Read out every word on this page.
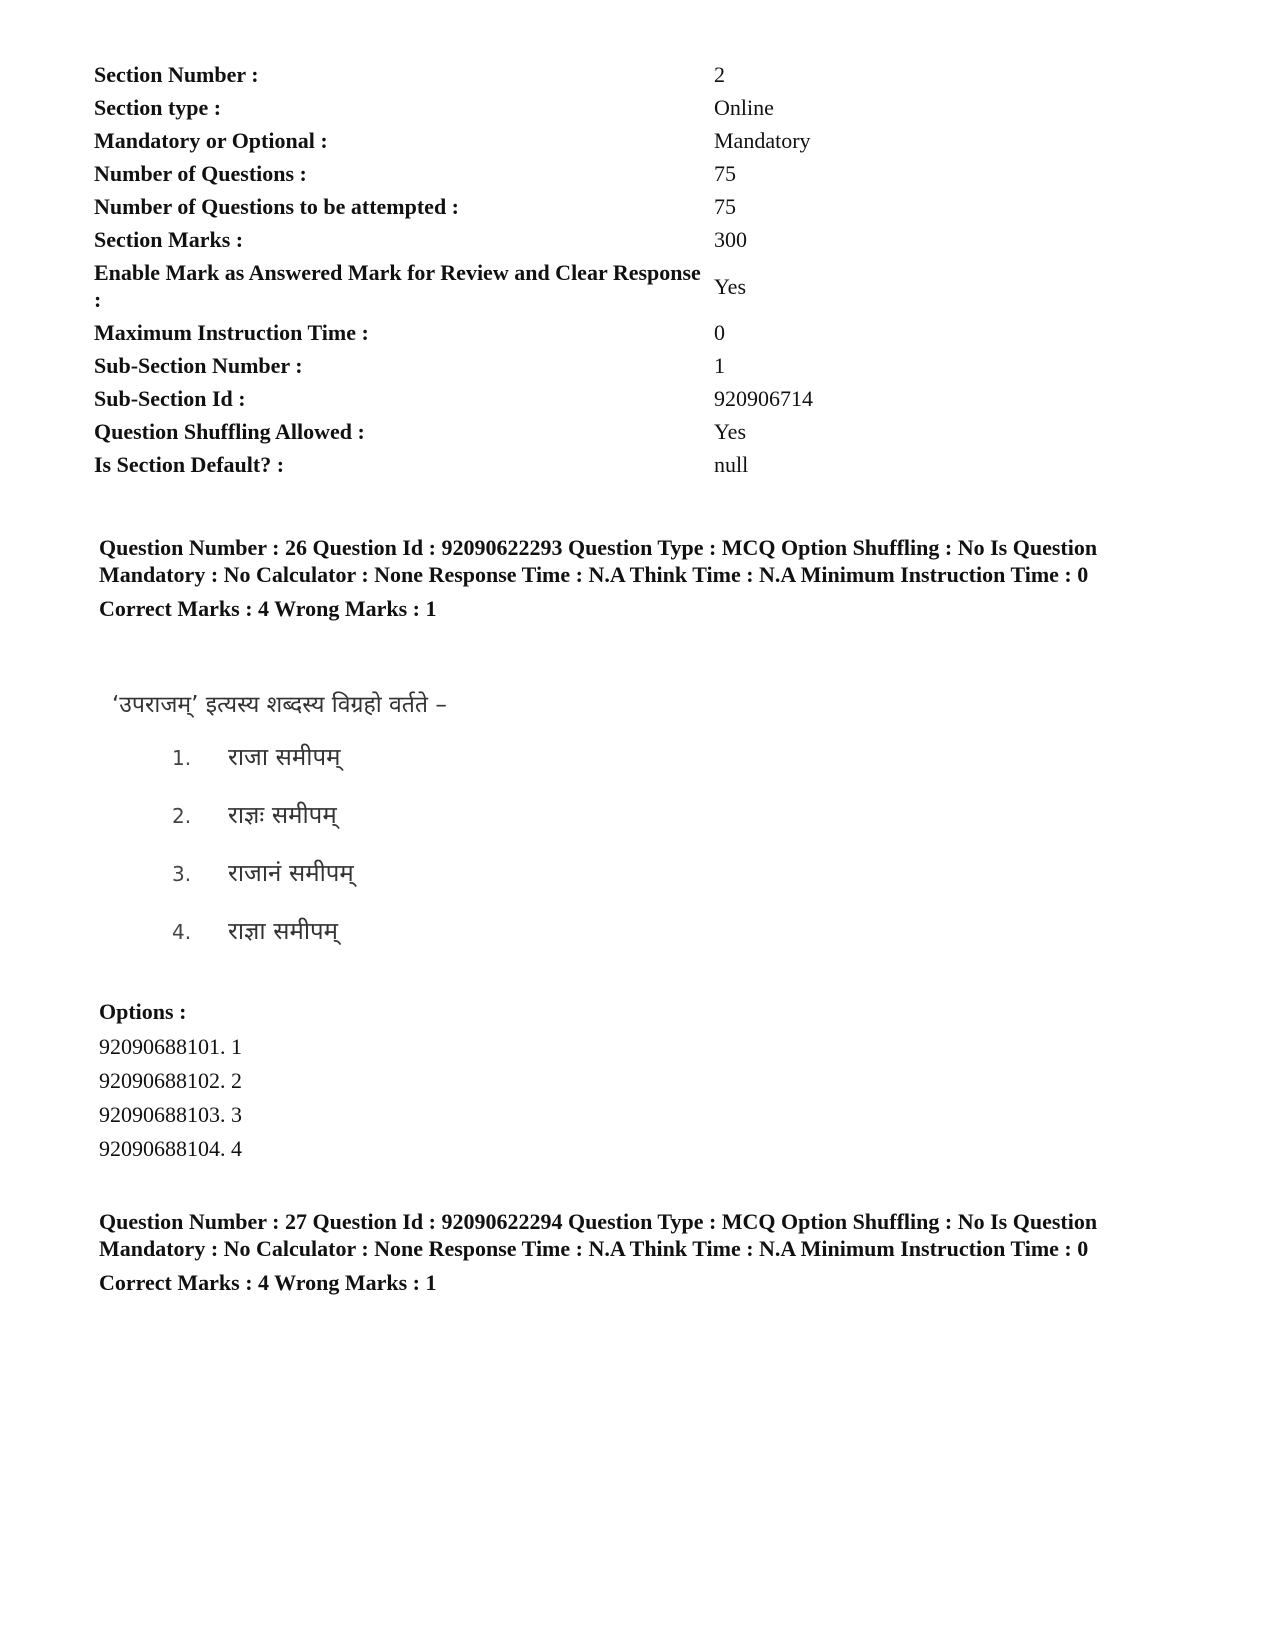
Section Number :	2
Section type :	Online
Mandatory or Optional :	Mandatory
Number of Questions :	75
Number of Questions to be attempted :	75
Section Marks :	300
Enable Mark as Answered Mark for Review and Clear Response :	Yes
Maximum Instruction Time :	0
Sub-Section Number :	1
Sub-Section Id :	920906714
Question Shuffling Allowed :	Yes
Is Section Default? :	null

Question Number : 26 Question Id : 92090622293 Question Type : MCQ Option Shuffling : No Is Question Mandatory : No Calculator : None Response Time : N.A Think Time : N.A Minimum Instruction Time : 0

Correct Marks : 4 Wrong Marks : 1

‘उपराजम्’ इत्यस्य शब्दस्य विग्रहो वर्तते –
1. राजा समीपम्
2. राज्ञः समीपम्
3. राजानं समीपम्
4. राज्ञा समीपम्

Options :

92090688101. 1
92090688102. 2
92090688103. 3
92090688104. 4

Question Number : 27 Question Id : 92090622294 Question Type : MCQ Option Shuffling : No Is Question Mandatory : No Calculator : None Response Time : N.A Think Time : N.A Minimum Instruction Time : 0

Correct Marks : 4 Wrong Marks : 1
